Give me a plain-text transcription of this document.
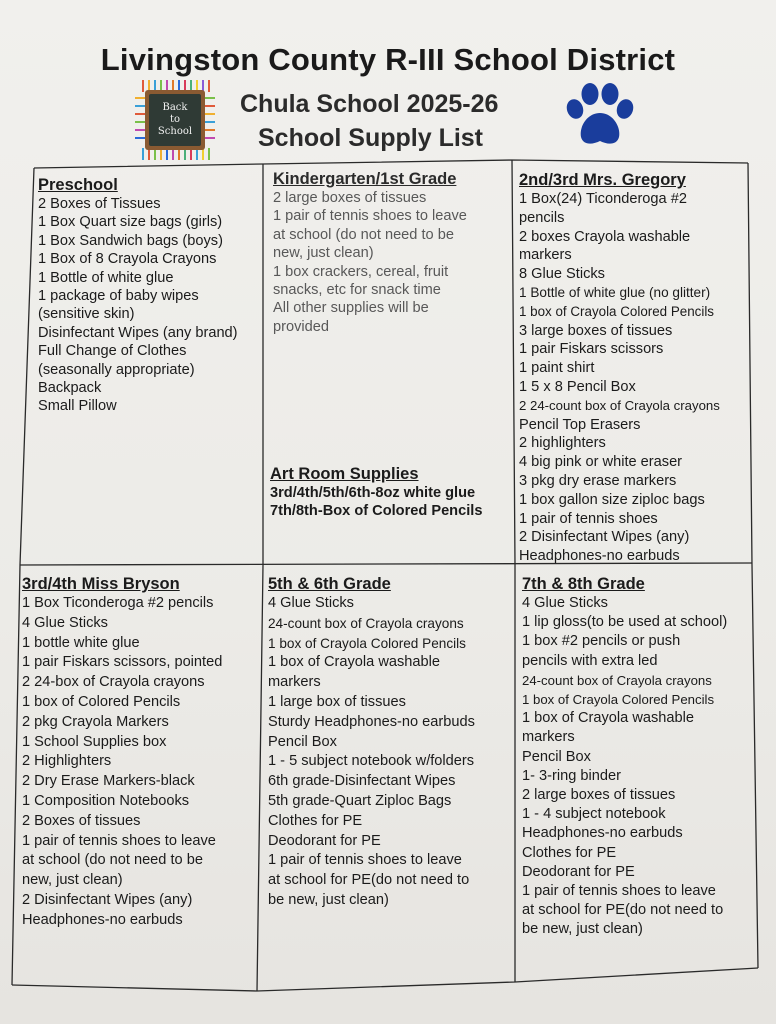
Livingston County R-III School District
Back
to
School
Chula School 2025-26
School Supply List
Preschool
2 Boxes of Tissues
1 Box Quart size bags (girls)
1 Box Sandwich bags (boys)
1 Box of 8 Crayola Crayons
1 Bottle of white glue
1 package of baby wipes
(sensitive skin)
Disinfectant Wipes (any brand)
Full Change of Clothes
(seasonally appropriate)
Backpack
Small Pillow
Kindergarten/1st Grade
2 large boxes of tissues
1 pair of tennis shoes to leave
at school (do not need to be
new, just clean)
1 box crackers, cereal, fruit
snacks, etc for snack time
All other supplies will be
provided
Art Room Supplies
3rd/4th/5th/6th-8oz white glue
7th/8th-Box of Colored Pencils
2nd/3rd Mrs. Gregory
1 Box(24) Ticonderoga #2
pencils
2 boxes Crayola washable
markers
8 Glue Sticks
1 Bottle of white glue (no glitter)
1 box of Crayola Colored Pencils
3 large boxes of tissues
1 pair Fiskars scissors
1 paint shirt
1 5 x 8 Pencil Box
2 24-count box of Crayola crayons
Pencil Top Erasers
2 highlighters
4 big pink or white eraser
3 pkg dry erase markers
1 box gallon size ziploc bags
1 pair of tennis shoes
2 Disinfectant Wipes (any)
Headphones-no earbuds
3rd/4th Miss Bryson
1 Box Ticonderoga #2 pencils
4 Glue Sticks
1 bottle white glue
1 pair Fiskars scissors, pointed
2 24-box of Crayola crayons
1 box of Colored Pencils
2 pkg Crayola Markers
1 School Supplies box
2 Highlighters
2 Dry Erase Markers-black
1 Composition Notebooks
2 Boxes of tissues
1 pair of tennis shoes to leave
at school (do not need to be
new, just clean)
2 Disinfectant Wipes (any)
Headphones-no earbuds
5th & 6th Grade
4 Glue Sticks
24-count box of Crayola crayons
1 box of Crayola Colored Pencils
1 box of Crayola washable
markers
1 large box of tissues
Sturdy Headphones-no earbuds
Pencil Box
1 - 5 subject notebook w/folders
6th grade-Disinfectant Wipes
5th grade-Quart Ziploc Bags
Clothes for PE
Deodorant for PE
1 pair of tennis shoes to leave
at school for PE(do not need to
be new, just clean)
7th & 8th Grade
4 Glue Sticks
1 lip gloss(to be used at school)
1 box #2 pencils or push
pencils with extra led
24-count box of Crayola crayons
1 box of Crayola Colored Pencils
1 box of Crayola washable
markers
Pencil Box
1- 3-ring binder
2 large boxes of tissues
1 - 4 subject notebook
Headphones-no earbuds
Clothes for PE
Deodorant for PE
1 pair of tennis shoes to leave
at school for PE(do not need to
be new, just clean)
